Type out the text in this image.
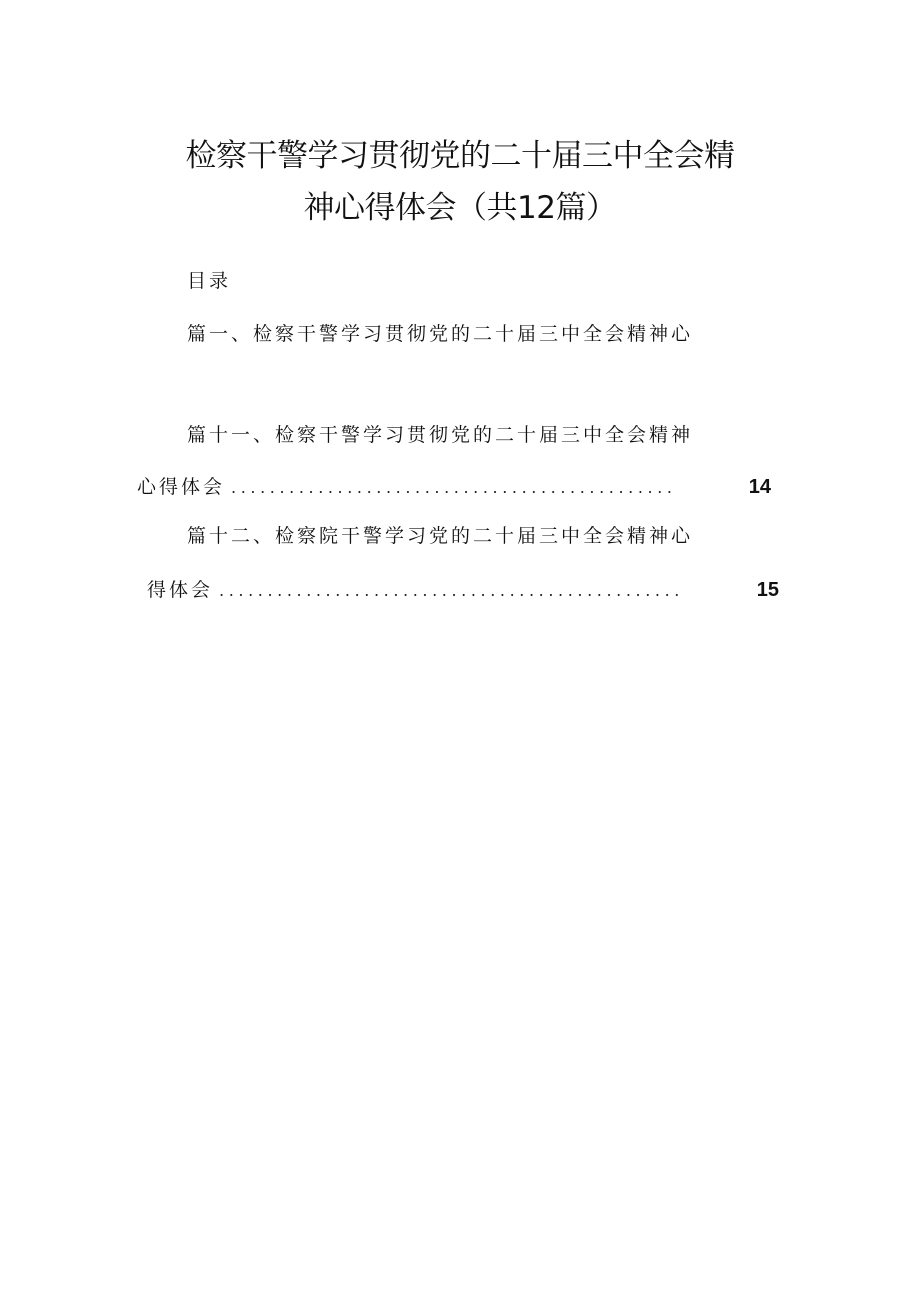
检察干警学习贯彻党的二十届三中全会精
神心得体会（共12篇）
目录
篇一、检察干警学习贯彻党的二十届三中全会精神心
篇十一、检察干警学习贯彻党的二十届三中全会精神
心得体会 ..............................................	14
篇十二、检察院干警学习党的二十届三中全会精神心
得体会 ................................................	15
